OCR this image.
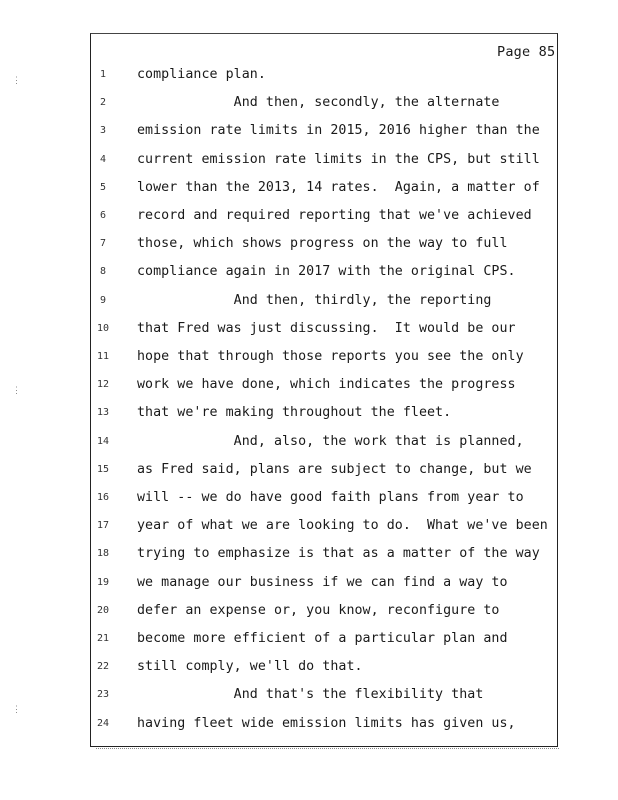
⋮
⋮
⋮
Page 85
1	compliance plan.
2	And then, secondly, the alternate
3	emission rate limits in 2015, 2016 higher than the
4	current emission rate limits in the CPS, but still
5	lower than the 2013, 14 rates.  Again, a matter of
6	record and required reporting that we've achieved
7	those, which shows progress on the way to full
8	compliance again in 2017 with the original CPS.
9	And then, thirdly, the reporting
10	that Fred was just discussing.  It would be our
11	hope that through those reports you see the only
12	work we have done, which indicates the progress
13	that we're making throughout the fleet.
14	And, also, the work that is planned,
15	as Fred said, plans are subject to change, but we
16	will -- we do have good faith plans from year to
17	year of what we are looking to do.  What we've been
18	trying to emphasize is that as a matter of the way
19	we manage our business if we can find a way to
20	defer an expense or, you know, reconfigure to
21	become more efficient of a particular plan and
22	still comply, we'll do that.
23	And that's the flexibility that
24	having fleet wide emission limits has given us,
